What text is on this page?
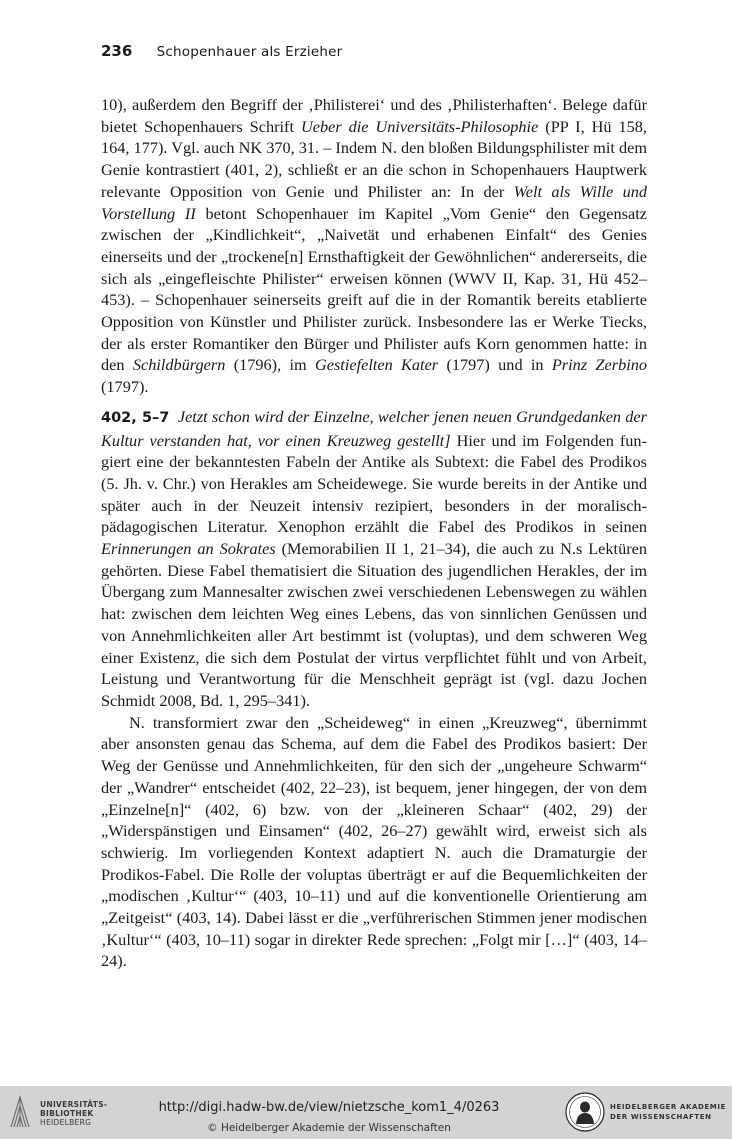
236 Schopenhauer als Erzieher

10), außerdem den Begriff der ‚Philisterei‘ und des ‚Philisterhaften‘. Belege dafür bietet Schopenhauers Schrift Ueber die Universitäts-Philosophie (PP I, Hü 158, 164, 177). Vgl. auch NK 370, 31. – Indem N. den bloßen Bildungsphilister mit dem Genie kontrastiert (401, 2), schließt er an die schon in Schopenhauers Hauptwerk relevante Opposition von Genie und Philister an: In der Welt als Wille und Vorstellung II betont Schopenhauer im Kapitel „Vom Genie“ den Gegensatz zwischen der „Kindlichkeit“, „Naivetät und erhabenen Einfalt“ des Genies einerseits und der „trockene[n] Ernsthaftigkeit der Gewöhnlichen“ andererseits, die sich als „eingefleischte Philister“ erweisen können (WWV II, Kap. 31, Hü 452–453). – Schopenhauer seinerseits greift auf die in der Romantik bereits etablierte Opposition von Künstler und Philister zurück. Insbesondere las er Werke Tiecks, der als erster Romantiker den Bürger und Philister aufs Korn genommen hatte: in den Schildbürgern (1796), im Gestiefelten Kater (1797) und in Prinz Zerbino (1797).

402, 5–7 Jetzt schon wird der Einzelne, welcher jenen neuen Grundgedanken der Kultur verstanden hat, vor einen Kreuzweg gestellt] Hier und im Folgenden fungiert eine der bekanntesten Fabeln der Antike als Subtext: die Fabel des Prodikos (5. Jh. v. Chr.) von Herakles am Scheidewege. Sie wurde bereits in der Antike und später auch in der Neuzeit intensiv rezipiert, besonders in der moralisch-pädagogischen Literatur. Xenophon erzählt die Fabel des Prodikos in seinen Erinnerungen an Sokrates (Memorabilien II 1, 21–34), die auch zu N.s Lektüren gehörten. Diese Fabel thematisiert die Situation des jugendlichen Herakles, der im Übergang zum Mannesalter zwischen zwei verschiedenen Lebenswegen zu wählen hat: zwischen dem leichten Weg eines Lebens, das von sinnlichen Genüssen und von Annehmlichkeiten aller Art bestimmt ist (voluptas), und dem schweren Weg einer Existenz, die sich dem Postulat der virtus verpflichtet fühlt und von Arbeit, Leistung und Verantwortung für die Menschheit geprägt ist (vgl. dazu Jochen Schmidt 2008, Bd. 1, 295–341).

N. transformiert zwar den „Scheideweg“ in einen „Kreuzweg“, übernimmt aber ansonsten genau das Schema, auf dem die Fabel des Prodikos basiert: Der Weg der Genüsse und Annehmlichkeiten, für den sich der „ungeheure Schwarm“ der „Wandrer“ entscheidet (402, 22–23), ist bequem, jener hingegen, der von dem „Einzelne[n]“ (402, 6) bzw. von der „kleineren Schaar“ (402, 29) der „Widerspänstigen und Einsamen“ (402, 26–27) gewählt wird, erweist sich als schwierig. Im vorliegenden Kontext adaptiert N. auch die Dramaturgie der Prodikos-Fabel. Die Rolle der voluptas überträgt er auf die Bequemlichkeiten der „modischen ‚Kultur‘“ (403, 10–11) und auf die konventionelle Orientierung am „Zeitgeist“ (403, 14). Dabei lässt er die „verführerischen Stimmen jener modischen ‚Kultur‘“ (403, 10–11) sogar in direkter Rede sprechen: „Folgt mir […]“ (403, 14–24).

UNIVERSITÄTS-
BIBLIOTHEK
HEIDELBERG
http://digi.hadw-bw.de/view/nietzsche_kom1_4/0263
© Heidelberger Akademie der Wissenschaften
HEIDELBERGER AKADEMIE
DER WISSENSCHAFTEN
